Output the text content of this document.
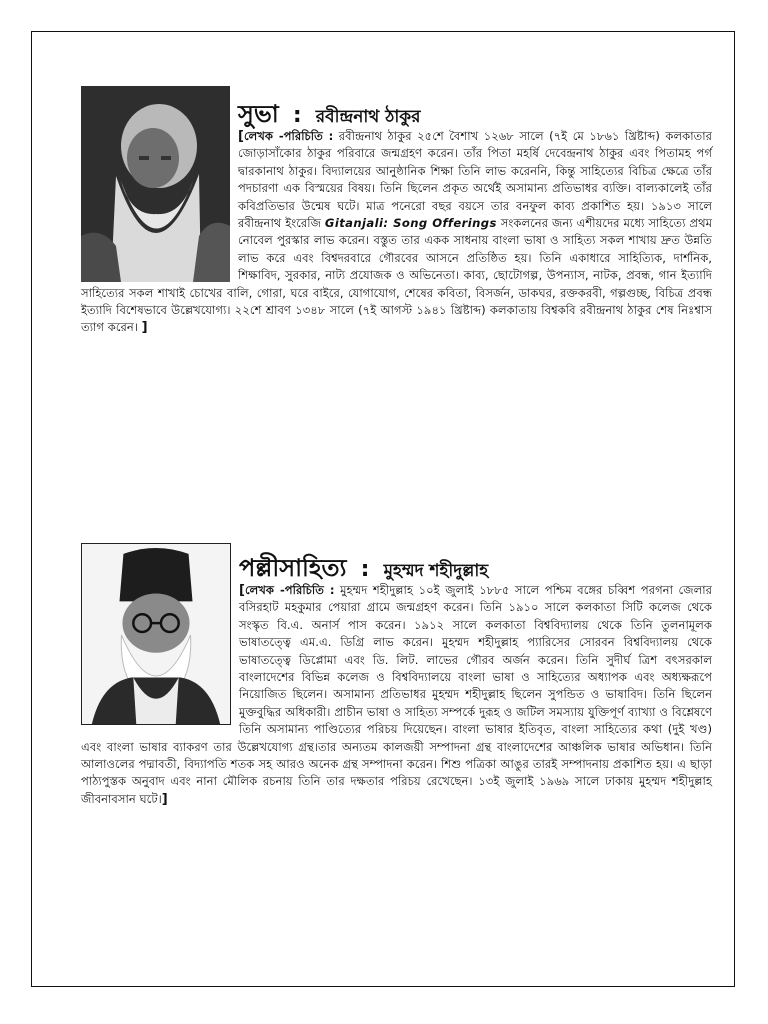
সুভা : রবীন্দ্রনাথ ঠাকুর

[লেখক -পরিচিতি : রবীন্দ্রনাথ ঠাকুর ২৫শে বৈশাখ ১২৬৮ সালে (৭ই মে ১৮৬১ খ্রিষ্টাব্দ) কলকাতার জোড়াসাঁকোর ঠাকুর পরিবারে জন্মগ্রহণ করেন। তাঁর পিতা মহর্ষি দেবেন্দ্রনাথ ঠাকুর এবং পিতামহ পর্গ দ্বারকানাথ ঠাকুর। বিদ্যালয়ের আনুষ্ঠানিক শিক্ষা তিনি লাভ করেননি, কিন্তু সাহিত্যের বিচিত্র ক্ষেত্রে তাঁর পদচারণা এক বিস্ময়ের বিষয়। তিনি ছিলেন প্রকৃত অর্থেই অসামান্য প্রতিভাধর ব্যক্তি। বাল্যকালেই তাঁর কবিপ্রতিভার উন্মেষ ঘটে। মাত্র পনেরো বছর বয়সে তার বনফুল কাব্য প্রকাশিত হয়। ১৯১৩ সালে রবীন্দ্রনাথ ইংরেজি Gitanjali: Song Offerings সংকলনের জন্য এশীয়দের মধ্যে সাহিত্যে প্রথম নোবেল পুরস্কার লাভ করেন। বস্তুত তার একক সাধনায় বাংলা ভাষা ও সাহিত্য সকল শাখায় দ্রুত উন্নতি লাভ করে এবং বিশ্বদরবারে গৌরবের আসনে প্রতিষ্ঠিত হয়। তিনি একাধারে সাহিত্যিক, দার্শনিক, শিক্ষাবিদ, সুরকার, নাট্য প্রযোজক ও অভিনেতা। কাব্য, ছোটোগল্প, উপন্যাস, নাটক, প্রবন্ধ, গান ইত্যাদি সাহিত্যের সকল শাখাই চোখের বালি, গোরা, ঘরে বাইরে, যোগাযোগ, শেষের কবিতা, বিসর্জন, ডাকঘর, রক্তকরবী, গল্পগুচ্ছ, বিচিত্র প্রবন্ধ ইত্যাদি বিশেষভাবে উল্লেখযোগ্য। ২২শে শ্রাবণ ১৩৪৮ সালে (৭ই আগস্ট ১৯৪১ খ্রিষ্টাব্দ) কলকাতায় বিশ্বকবি রবীন্দ্রনাথ ঠাকুর শেষ নিঃশ্বাস ত্যাগ করেন। ]

পল্লীসাহিত্য : মুহম্মদ শহীদুল্লাহ

[লেখক -পরিচিতি : মুহম্মদ শহীদুল্লাহ ১০ই জুলাই ১৮৮৫ সালে পশ্চিম বঙ্গের চব্বিশ পরগনা জেলার বসিরহাট মহকুমার পেয়ারা গ্রামে জন্মগ্রহণ করেন। তিনি ১৯১০ সালে কলকাতা সিটি কলেজ থেকে সংস্কৃত বি.এ. অনার্স পাস করেন। ১৯১২ সালে কলকাতা বিশ্ববিদ্যালয় থেকে তিনি তুলনামূলক ভাষাতত্ত্বে এম.এ. ডিগ্রি লাভ করেন। মুহম্মদ শহীদুল্লাহ প্যারিসের সোরবন বিশ্ববিদ্যালয় থেকে ভাষাতত্ত্বে ডিপ্লোমা এবং ডি. লিট. লাভের গৌরব অর্জন করেন। তিনি সুদীর্ঘ ত্রিশ বৎসরকাল বাংলাদেশের বিভিন্ন কলেজ ও বিশ্ববিদ্যালয়ে বাংলা ভাষা ও সাহিত্যের অধ্যাপক এবং অধ্যক্ষরূপে নিয়োজিত ছিলেন। অসামান্য প্রতিভাধর মুহম্মদ শহীদুল্লাহ ছিলেন সুপন্ডিত ও ভাষাবিদ। তিনি ছিলেন মুক্তবুদ্ধির অধিকারী। প্রাচীন ভাষা ও সাহিত্য সম্পর্কে দুরূহ ও জটিল সমস্যায় যুক্তিপূর্ণ ব্যাখ্যা ও বিশ্লেষণে তিনি অসামান্য পাণ্ডিত্যের পরিচয় দিয়েছেন। বাংলা ভাষার ইতিবৃত, বাংলা সাহিত্যের কথা (দুই খণ্ড) এবং বাংলা ভাষার ব্যাকরণ তার উল্লেখযোগ্য গ্রন্থ।তার অন্যতম কালজয়ী সম্পাদনা গ্রন্থ বাংলাদেশের আঞ্চলিক ভাষার অভিধান। তিনি আলাওলের পদ্মাবতী, বিদ্যাপতি শতক সহ আরও অনেক গ্রন্থ সম্পাদনা করেন। শিশু পত্রিকা আঙুর তারই সম্পাদনায় প্রকাশিত হয়। এ ছাড়া পাঠ্যপুস্তক অনুবাদ এবং নানা মৌলিক রচনায় তিনি তার দক্ষতার পরিচয় রেখেছেন। ১৩ই জুলাই ১৯৬৯ সালে ঢাকায় মুহম্মদ শহীদুল্লাহ জীবনাবসান ঘটে।]
